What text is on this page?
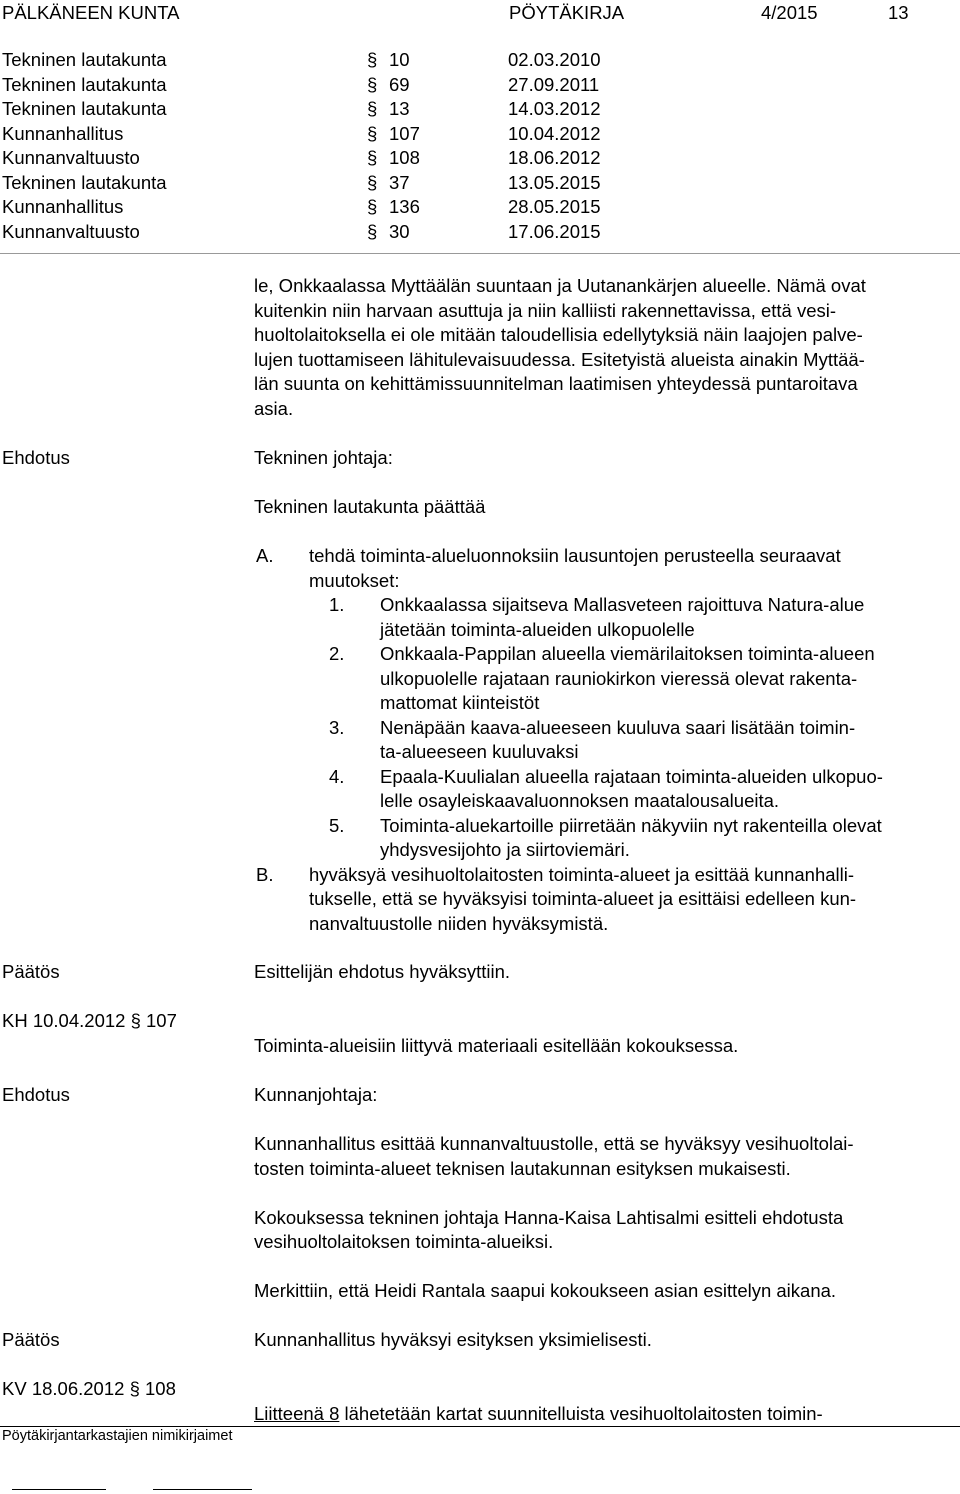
PÄLKÄNEEN KUNTA	PÖYTÄKIRJA	4/2015	13
Tekninen lautakunta	§ 10	02.03.2010
Tekninen lautakunta	§ 69	27.09.2011
Tekninen lautakunta	§ 13	14.03.2012
Kunnanhallitus	§ 107	10.04.2012
Kunnanvaltuusto	§ 108	18.06.2012
Tekninen lautakunta	§ 37	13.05.2015
Kunnanhallitus	§ 136	28.05.2015
Kunnanvaltuusto	§ 30	17.06.2015
le, Onkkaalassa Myttäälän suuntaan ja Uutanankärjen alueelle. Nämä ovat
kuitenkin niin harvaan asuttuja ja niin kalliisti rakennettavissa, että vesi-
huoltolaitoksella ei ole mitään taloudellisia edellytyksiä näin laajojen palve-
lujen tuottamiseen lähitulevaisuudessa. Esitetyistä alueista ainakin Myttää-
län suunta on kehittämissuunnitelman laatimisen yhteydessä puntaroitava
asia.
Ehdotus	Tekninen johtaja:
Tekninen lautakunta päättää
A. tehdä toiminta-alueluonnoksiin lausuntojen perusteella seuraavat
muutokset:
1. Onkkaalassa sijaitseva Mallasveteen rajoittuva Natura-alue
jätetään toiminta-alueiden ulkopuolelle
2. Onkkaala-Pappilan alueella viemärilaitoksen toiminta-alueen
ulkopuolelle rajataan rauniokirkon vieressä olevat rakenta-
mattomat kiinteistöt
3. Nenäpään kaava-alueeseen kuuluva saari lisätään toimin-
ta-alueeseen kuuluvaksi
4. Epaala-Kuulialan alueella rajataan toiminta-alueiden ulkopuo-
lelle osayleiskaavaluonnoksen maatalousalueita.
5. Toiminta-aluekartoille piirretään näkyviin nyt rakenteilla olevat
yhdysvesijohto ja siirtoviemäri.
B. hyväksyä vesihuoltolaitosten toiminta-alueet ja esittää kunnanhalli-
tukselle, että se hyväksyisi toiminta-alueet ja esittäisi edelleen kun-
nanvaltuustolle niiden hyväksymistä.
Päätös	Esittelijän ehdotus hyväksyttiin.
KH 10.04.2012 § 107
Toiminta-alueisiin liittyvä materiaali esitellään kokouksessa.
Ehdotus	Kunnanjohtaja:
Kunnanhallitus esittää kunnanvaltuustolle, että se hyväksyy vesihuoltolai-
tosten toiminta-alueet teknisen lautakunnan esityksen mukaisesti.
Kokouksessa tekninen johtaja Hanna-Kaisa Lahtisalmi esitteli ehdotusta
vesihuoltolaitoksen toiminta-alueiksi.
Merkittiin, että Heidi Rantala saapui kokoukseen asian esittelyn aikana.
Päätös	Kunnanhallitus hyväksyi esityksen yksimielisesti.
KV 18.06.2012 § 108
Liitteenä 8 lähetetään kartat suunnitelluista vesihuoltolaitosten toimin-
Pöytäkirjantarkastajien nimikirjaimet
